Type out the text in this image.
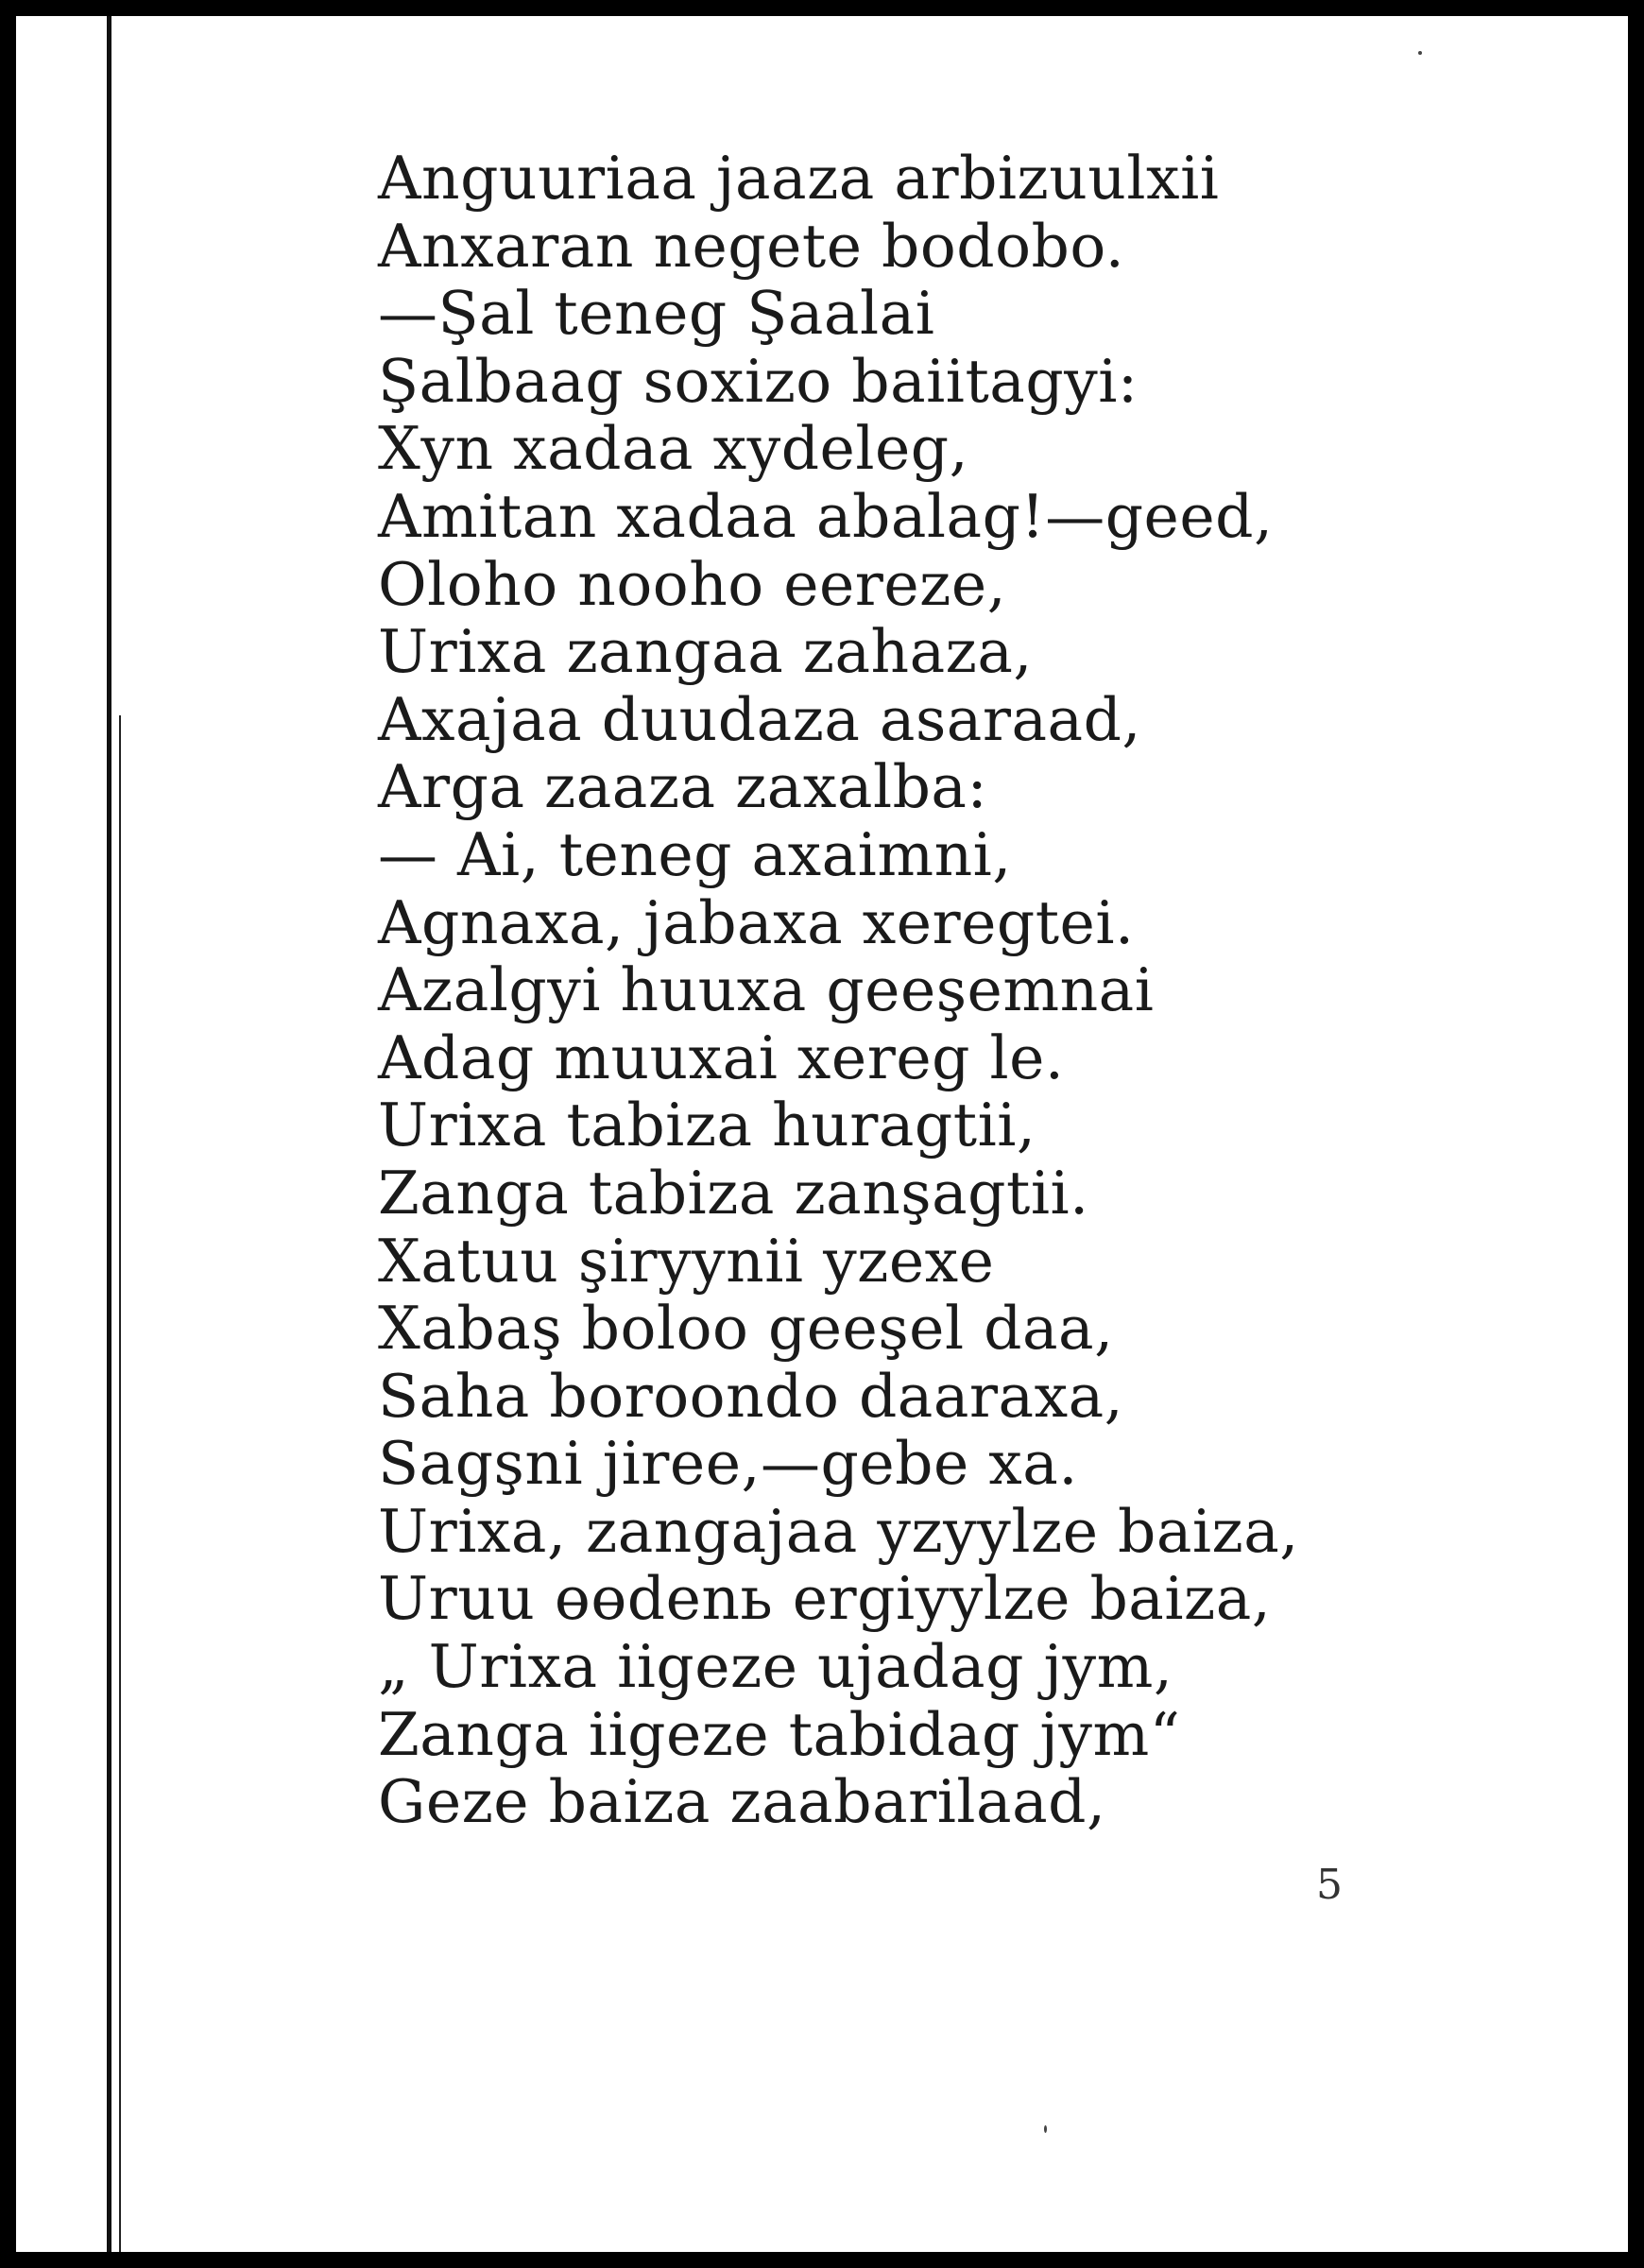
Anguuriaa jaaza arbizuulxii
Anxaran negete bodobo.
—Şal teneg Şaalai
Şalbaag soxizo baiitagyi:
Xyn xadaa xydeleg,
Amitan xadaa abalag!—geed,
Oloho nooho eereze,
Urixa zangaa zahaza,
Axajaa duudaza asaraad,
Arga zaaza zaxalba:
— Ai, teneg axaimni,
Agnaxa, jabaxa xeregtei.
Azalgyi huuxa geeşemnai
Adag muuxai xereg le.
Urixa tabiza huragtii,
Zanga tabiza zanşagtii.
Xatuu şiryynii yzexe
Xabaş boloo geeşel daa,
Saha boroondo daaraxa,
Sagşni jiree,—gebe xa.
Urixa, zangajaa yzyylze baiza,
Uruu өөdenь ergiyylze baiza,
„ Urixa iigeze ujadag jym,
Zanga iigeze tabidag jym“
Geze baiza zaabarilaad,
5
